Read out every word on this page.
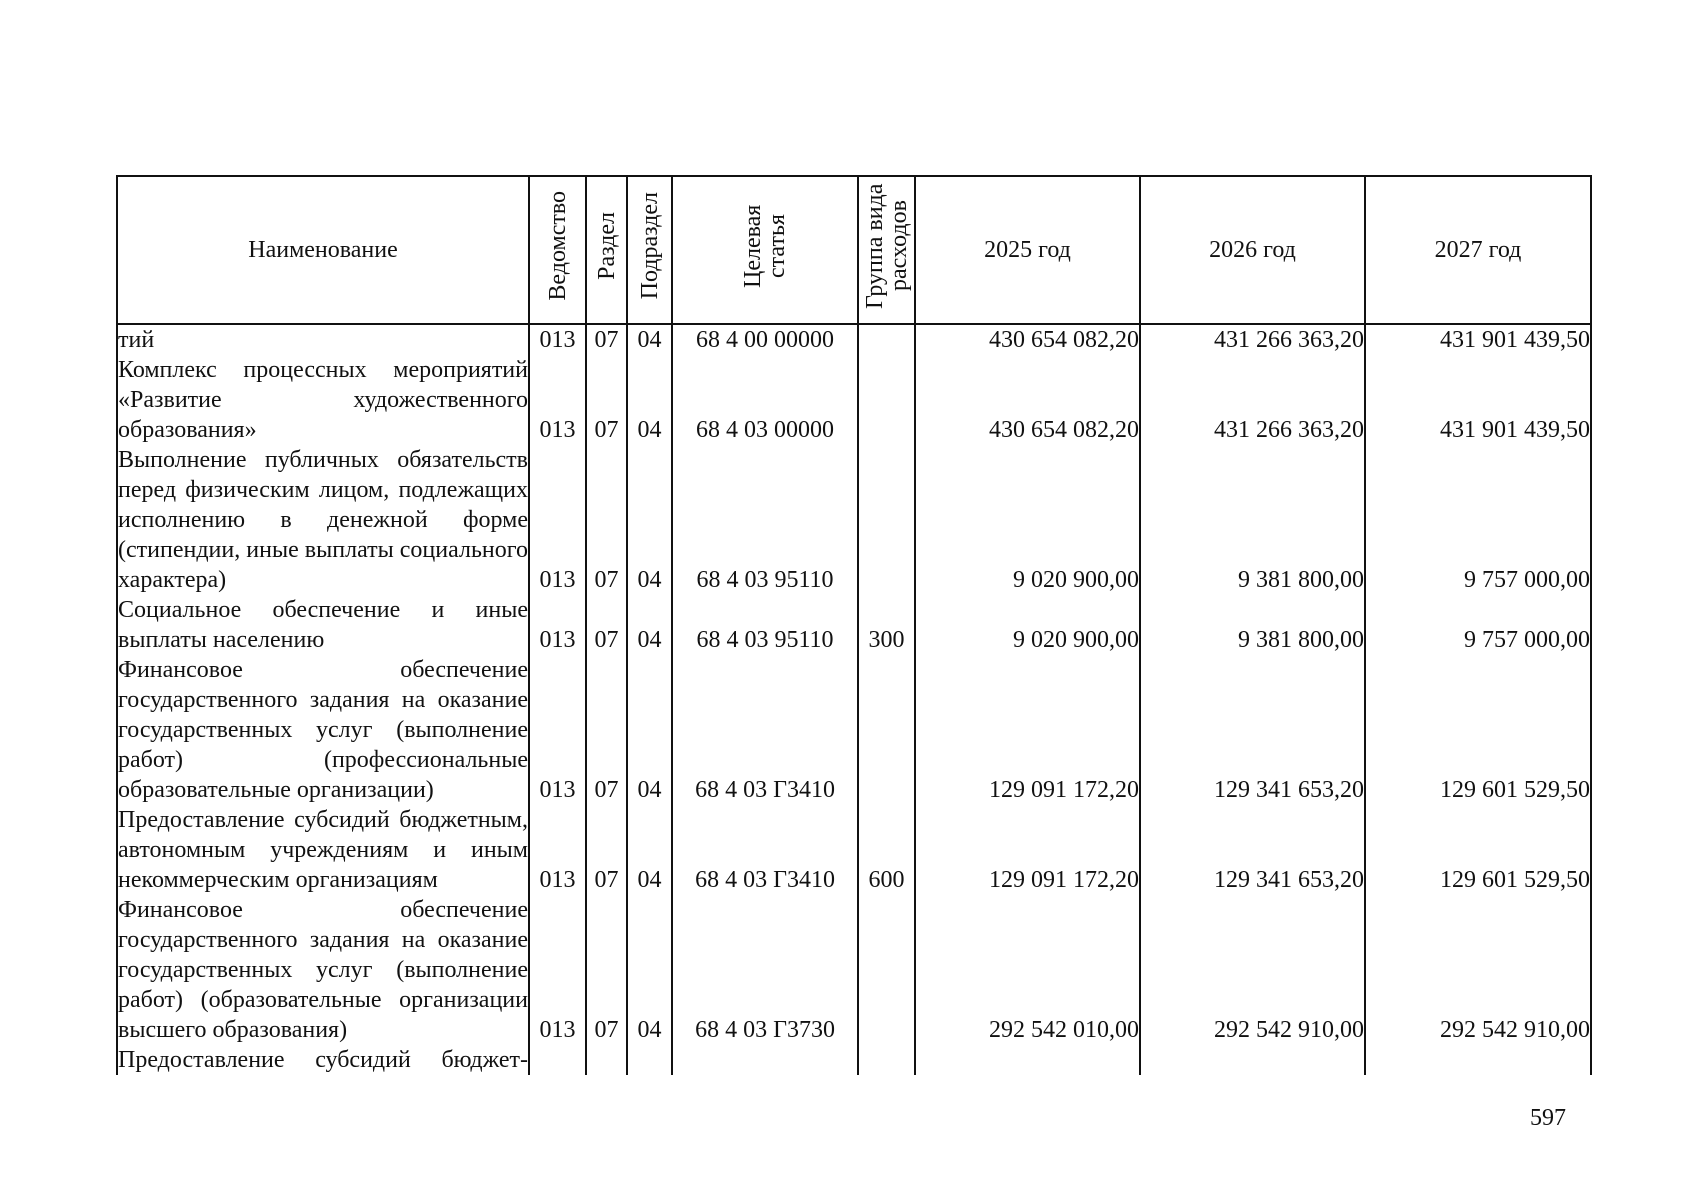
Наименование	Ведомство	Раздел	Подраздел	Целевая статья	Группа вида расходов	2025 год	2026 год	2027 год
тий	013	07	04	68 4 00 00000		430 654 082,20	431 266 363,20	431 901 439,50
Комплекс процессных мероприятий «Развитие художественного образования»	013	07	04	68 4 03 00000		430 654 082,20	431 266 363,20	431 901 439,50
Выполнение публичных обязательств перед физическим лицом, подлежащих исполнению в денежной форме (стипендии, иные выплаты социального характера)	013	07	04	68 4 03 95110		9 020 900,00	9 381 800,00	9 757 000,00
Социальное обеспечение и иные выплаты населению	013	07	04	68 4 03 95110	300	9 020 900,00	9 381 800,00	9 757 000,00
Финансовое обеспечение государственного задания на оказание государственных услуг (выполнение работ) (профессиональные образовательные организации)	013	07	04	68 4 03 Г3410		129 091 172,20	129 341 653,20	129 601 529,50
Предоставление субсидий бюджетным, автономным учреждениям и иным некоммерческим организациям	013	07	04	68 4 03 Г3410	600	129 091 172,20	129 341 653,20	129 601 529,50
Финансовое обеспечение государственного задания на оказание государственных услуг (выполнение работ) (образовательные организации высшего образования)	013	07	04	68 4 03 Г3730		292 542 010,00	292 542 910,00	292 542 910,00
Предоставление субсидий бюджет-								
597
